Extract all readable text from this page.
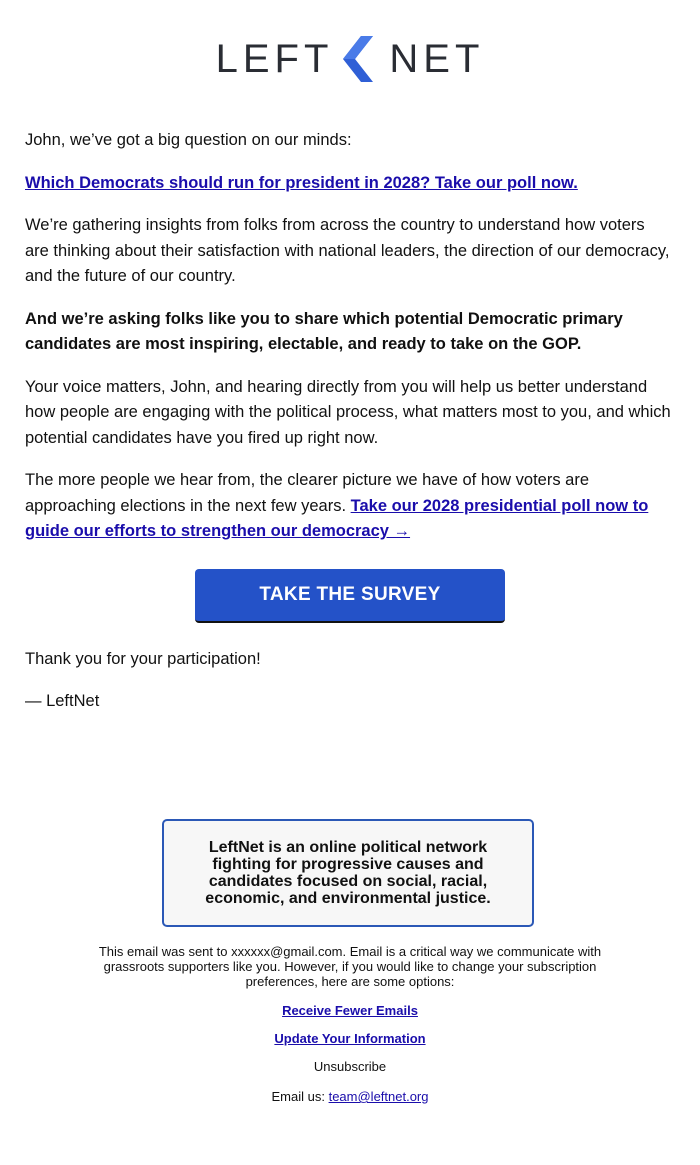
LEFT NET

John, we’ve got a big question on our minds:

Which Democrats should run for president in 2028? Take our poll now.

We’re gathering insights from folks from across the country to understand how voters are thinking about their satisfaction with national leaders, the direction of our democracy, and the future of our country.

And we’re asking folks like you to share which potential Democratic primary candidates are most inspiring, electable, and ready to take on the GOP.

Your voice matters, John, and hearing directly from you will help us better understand how people are engaging with the political process, what matters most to you, and which potential candidates have you fired up right now.

The more people we hear from, the clearer picture we have of how voters are approaching elections in the next few years. Take our 2028 presidential poll now to guide our efforts to strengthen our democracy →

TAKE THE SURVEY

Thank you for your participation!

— LeftNet

LeftNet is an online political network fighting for progressive causes and candidates focused on social, racial, economic, and environmental justice.

This email was sent to xxxxxx@gmail.com. Email is a critical way we communicate with grassroots supporters like you. However, if you would like to change your subscription preferences, here are some options:

Receive Fewer Emails
Update Your Information

Unsubscribe

Email us: team@leftnet.org
